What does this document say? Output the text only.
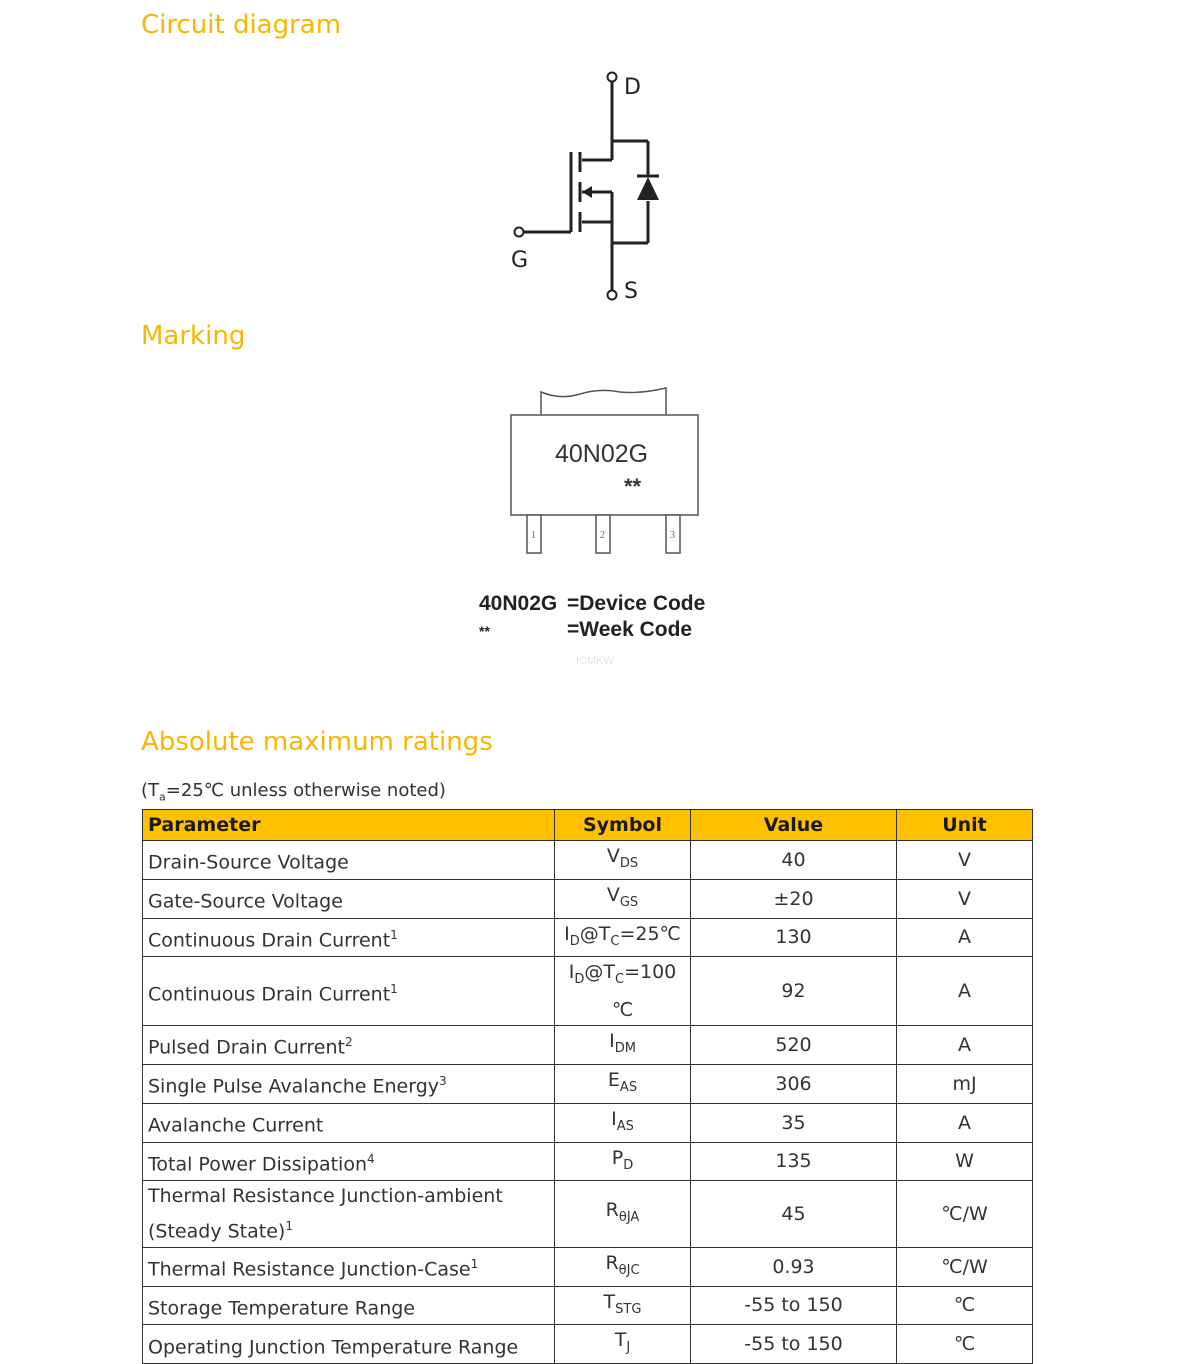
Circuit diagram
D
G
S
Marking
40N02G
**
1	2	3
40N02G =Device Code
**	=Week Code
ICMKW
Absolute maximum ratings
($T_a=25℃$ unless otherwise noted)
Parameter	Symbol	Value	Unit
Drain-Source Voltage	$V_{DS}$	40	V
Gate-Source Voltage	$V_{GS}$	±20	V
Continuous Drain Current$^1$	$I_D@T_C=25℃$	130	A
Continuous Drain Current$^1$	$I_D@T_C=100$ ℃	92	A
Pulsed Drain Current$^2$	$I_{DM}$	520	A
Single Pulse Avalanche Energy$^3$	$E_{AS}$	306	mJ
Avalanche Current	$I_{AS}$	35	A
Total Power Dissipation$^4$	$P_D$	135	W
Thermal Resistance Junction-ambient (Steady State)$^1$	$R_{\theta JA}$	45	℃/W
Thermal Resistance Junction-Case$^1$	$R_{\theta JC}$	0.93	℃/W
Storage Temperature Range	$T_{STG}$	-55 to 150	℃
Operating Junction Temperature Range	$T_J$	-55 to 150	℃
